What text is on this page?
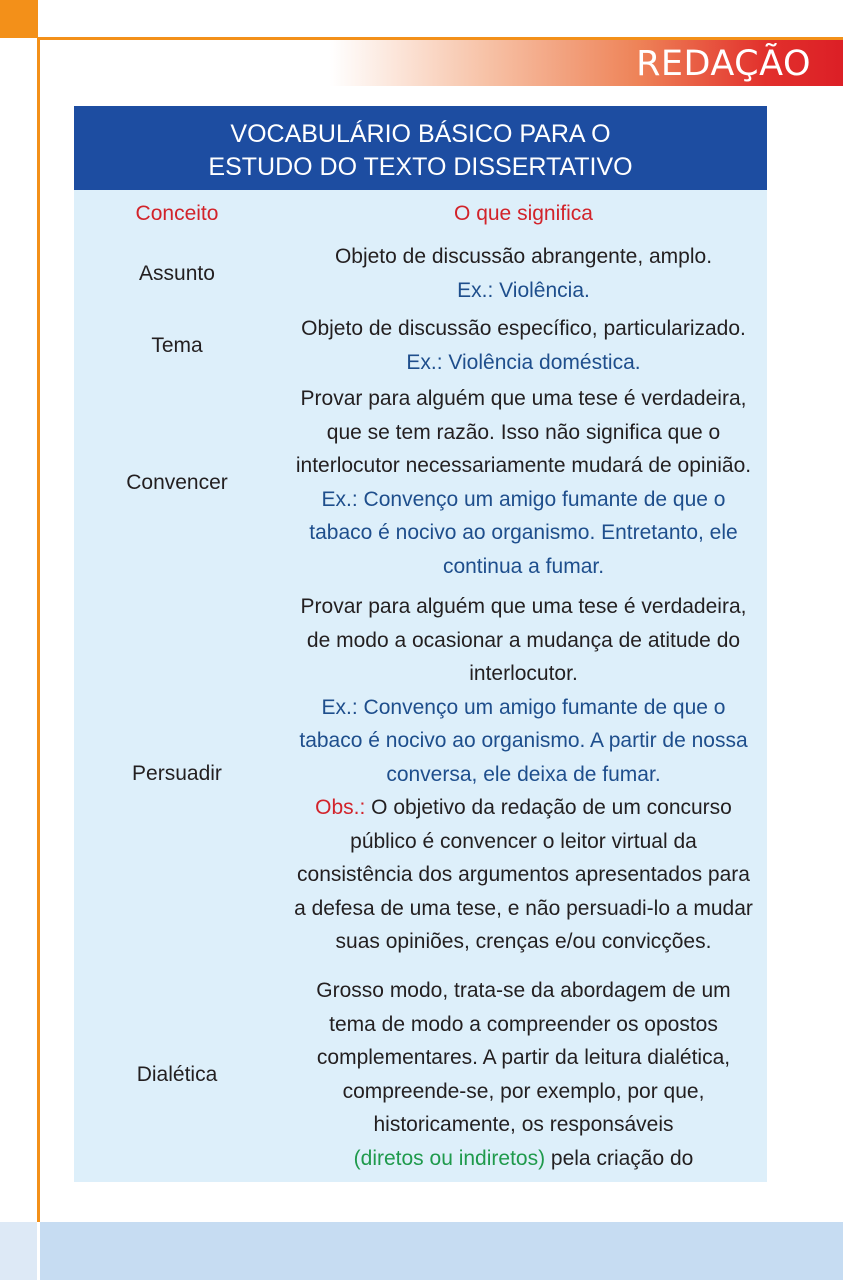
REDAÇÃO
VOCABULÁRIO BÁSICO PARA O
ESTUDO DO TEXTO DISSERTATIVO
Conceito	O que significa
Assunto
Objeto de discussão abrangente, amplo.
Ex.: Violência.
Tema
Objeto de discussão específico, particularizado.
Ex.: Violência doméstica.
Convencer
Provar para alguém que uma tese é verdadeira,
que se tem razão. Isso não significa que o
interlocutor necessariamente mudará de opinião.
Ex.: Convenço um amigo fumante de que o
tabaco é nocivo ao organismo. Entretanto, ele
continua a fumar.
Persuadir
Provar para alguém que uma tese é verdadeira,
de modo a ocasionar a mudança de atitude do
interlocutor.
Ex.: Convenço um amigo fumante de que o
tabaco é nocivo ao organismo. A partir de nossa
conversa, ele deixa de fumar.
Obs.: O objetivo da redação de um concurso
público é convencer o leitor virtual da
consistência dos argumentos apresentados para
a defesa de uma tese, e não persuadi-lo a mudar
suas opiniões, crenças e/ou convicções.
Dialética
Grosso modo, trata-se da abordagem de um
tema de modo a compreender os opostos
complementares. A partir da leitura dialética,
compreende-se, por exemplo, por que,
historicamente, os responsáveis
(diretos ou indiretos) pela criação do
